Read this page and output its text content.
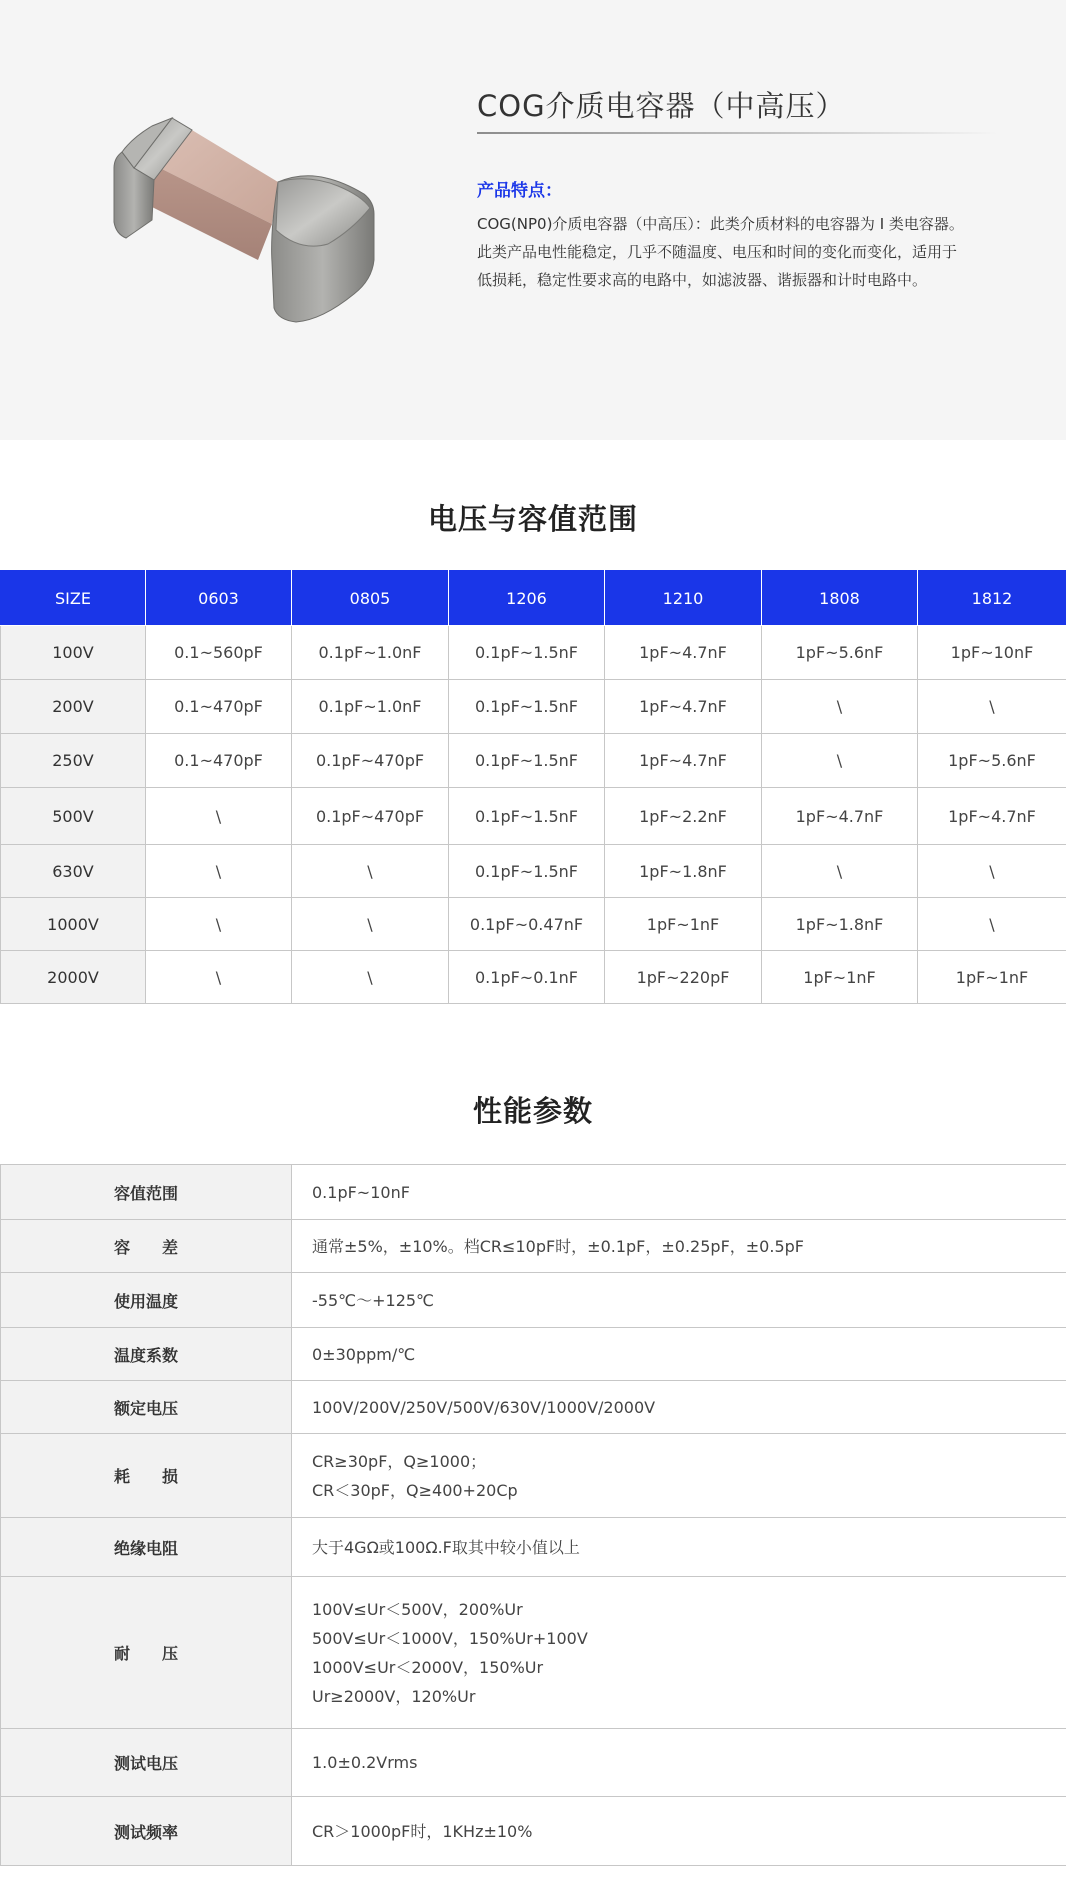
COG介质电容器（中高压）
产品特点：
COG(NP0)介质电容器（中高压）：此类介质材料的电容器为 I 类电容器。
此类产品电性能稳定，几乎不随温度、电压和时间的变化而变化，适用于
低损耗，稳定性要求高的电路中，如滤波器、谐振器和计时电路中。
电压与容值范围
SIZE	0603	0805	1206	1210	1808	1812
100V	0.1~560pF	0.1pF~1.0nF	0.1pF~1.5nF	1pF~4.7nF	1pF~5.6nF	1pF~10nF
200V	0.1~470pF	0.1pF~1.0nF	0.1pF~1.5nF	1pF~4.7nF	\	\
250V	0.1~470pF	0.1pF~470pF	0.1pF~1.5nF	1pF~4.7nF	\	1pF~5.6nF
500V	\	0.1pF~470pF	0.1pF~1.5nF	1pF~2.2nF	1pF~4.7nF	1pF~4.7nF
630V	\	\	0.1pF~1.5nF	1pF~1.8nF	\	\
1000V	\	\	0.1pF~0.47nF	1pF~1nF	1pF~1.8nF	\
2000V	\	\	0.1pF~0.1nF	1pF~220pF	1pF~1nF	1pF~1nF
性能参数
容值范围	0.1pF~10nF

容　　差	通常±5%，±10%。档CR≤10pF时，±0.1pF，±0.25pF，±0.5pF

使用温度	-55℃～+125℃

温度系数	0±30ppm/℃

额定电压	100V/200V/250V/500V/630V/1000V/2000V

耗　　损	CR≥30pF，Q≥1000；
CR＜30pF，Q≥400+20Cp

绝缘电阻	大于4GΩ或100Ω.F取其中较小值以上

耐　　压	100V≤Ur＜500V，200%Ur
500V≤Ur＜1000V，150%Ur+100V
1000V≤Ur＜2000V，150%Ur
Ur≥2000V，120%Ur

测试电压	1.0±0.2Vrms

测试频率	CR＞1000pF时，1KHz±10%
